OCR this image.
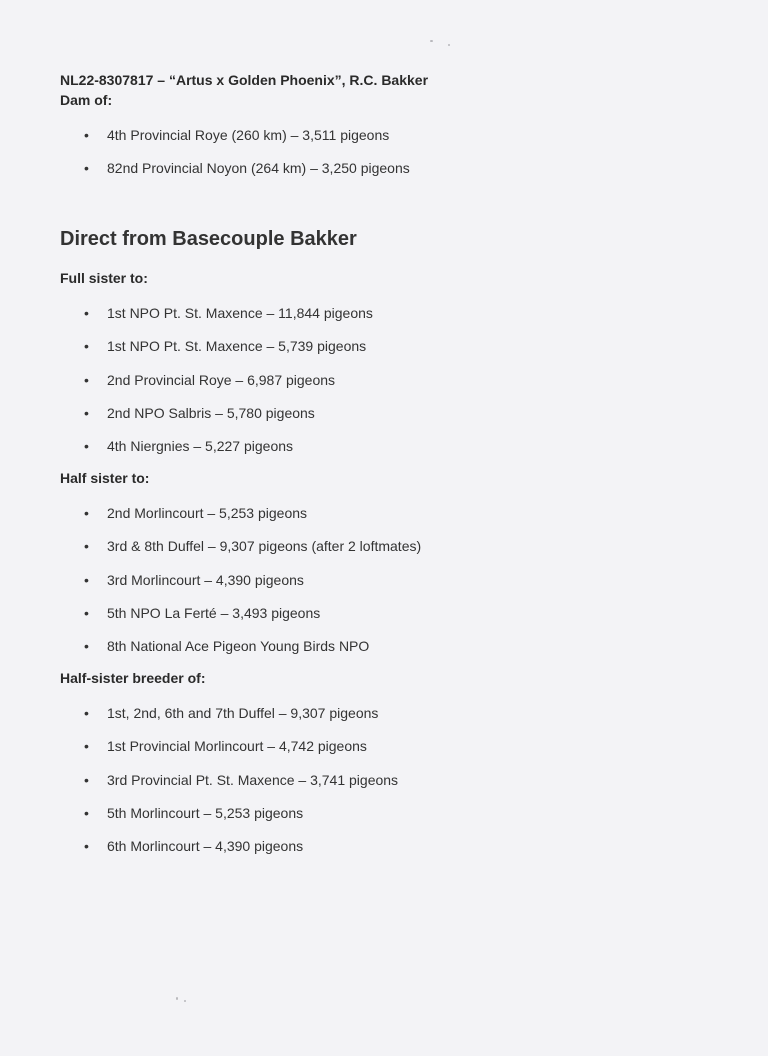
NL22-8307817 – “Artus x Golden Phoenix”, R.C. Bakker

Dam of:

• 4th Provincial Roye (260 km) – 3,511 pigeons
• 82nd Provincial Noyon (264 km) – 3,250 pigeons
Direct from Basecouple Bakker

Full sister to:

• 1st NPO Pt. St. Maxence – 11,844 pigeons
• 1st NPO Pt. St. Maxence – 5,739 pigeons
• 2nd Provincial Roye – 6,987 pigeons
• 2nd NPO Salbris – 5,780 pigeons
• 4th Niergnies – 5,227 pigeons

Half sister to:

• 2nd Morlincourt – 5,253 pigeons
• 3rd & 8th Duffel – 9,307 pigeons (after 2 loftmates)
• 3rd Morlincourt – 4,390 pigeons
• 5th NPO La Ferté – 3,493 pigeons
• 8th National Ace Pigeon Young Birds NPO

Half-sister breeder of:

• 1st, 2nd, 6th and 7th Duffel – 9,307 pigeons
• 1st Provincial Morlincourt – 4,742 pigeons
• 3rd Provincial Pt. St. Maxence – 3,741 pigeons
• 5th Morlincourt – 5,253 pigeons
• 6th Morlincourt – 4,390 pigeons
